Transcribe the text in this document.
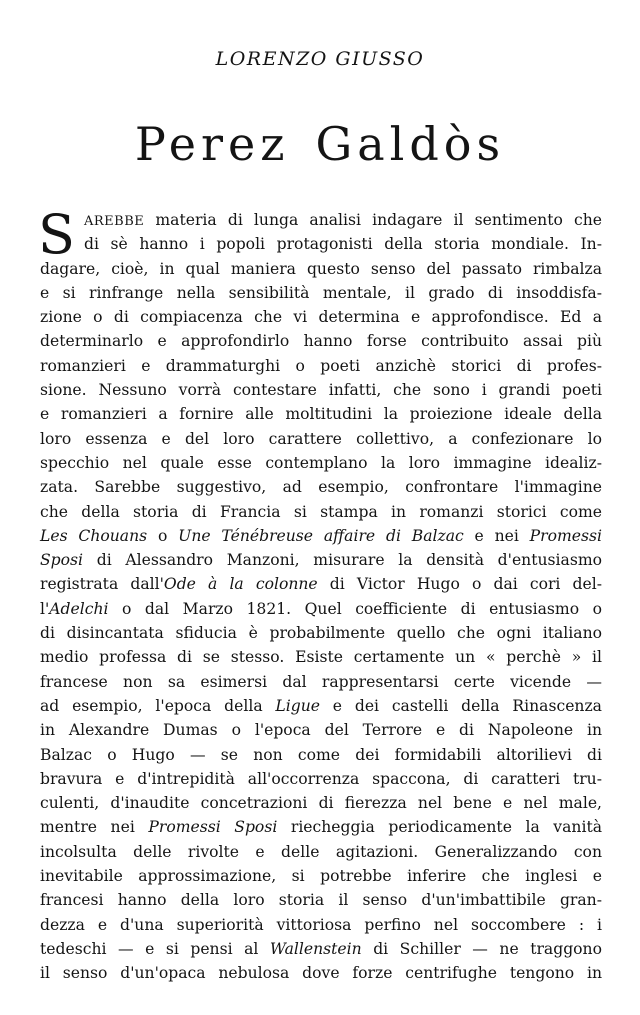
LORENZO GIUSSO
Perez Galdòs
S AREBBE materia di lunga analisi indagare il sentimento che
di sè hanno i popoli protagonisti della storia mondiale. In-
dagare, cioè, in qual maniera questo senso del passato rimbalza
e si rinfrange nella sensibilità mentale, il grado di insoddisfa-
zione o di compiacenza che vi determina e approfondisce. Ed a
determinarlo e approfondirlo hanno forse contribuito assai più
romanzieri e drammaturghi o poeti anzichè storici di profes-
sione. Nessuno vorrà contestare infatti, che sono i grandi poeti
e romanzieri a fornire alle moltitudini la proiezione ideale della
loro essenza e del loro carattere collettivo, a confezionare lo
specchio nel quale esse contemplano la loro immagine idealiz-
zata. Sarebbe suggestivo, ad esempio, confrontare l'immagine
che della storia di Francia si stampa in romanzi storici come
Les Chouans o Une Ténébreuse affaire di Balzac e nei Promessi
Sposi di Alessandro Manzoni, misurare la densità d'entusiasmo
registrata dall'Ode à la colonne di Victor Hugo o dai cori del-
l'Adelchi o dal Marzo 1821. Quel coefficiente di entusiasmo o
di disincantata sfiducia è probabilmente quello che ogni italiano
medio professa di se stesso. Esiste certamente un « perchè » il
francese non sa esimersi dal rappresentarsi certe vicende —
ad esempio, l'epoca della Ligue e dei castelli della Rinascenza
in Alexandre Dumas o l'epoca del Terrore e di Napoleone in
Balzac o Hugo — se non come dei formidabili altorilievi di
bravura e d'intrepidità all'occorrenza spaccona, di caratteri tru-
culenti, d'inaudite concetrazioni di fierezza nel bene e nel male,
mentre nei Promessi Sposi riecheggia periodicamente la vanità
incolsulta delle rivolte e delle agitazioni. Generalizzando con
inevitabile approssimazione, si potrebbe inferire che inglesi e
francesi hanno della loro storia il senso d'un'imbattibile gran-
dezza e d'una superiorità vittoriosa perfino nel soccombere : i
tedeschi — e si pensi al Wallenstein di Schiller — ne traggono
il senso d'un'opaca nebulosa dove forze centrifughe tengono in
